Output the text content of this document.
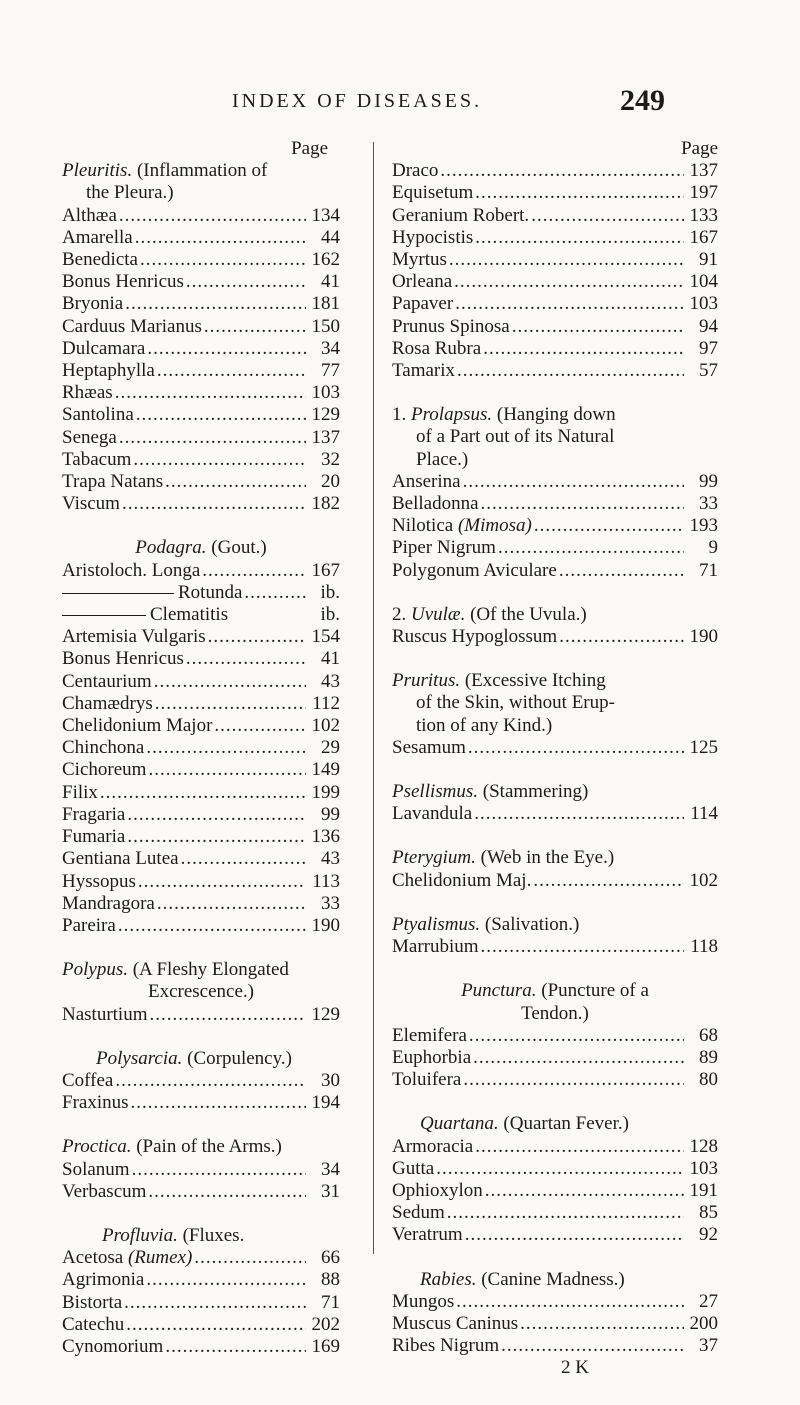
INDEX OF DISEASES.	249
Page
Pleuritis. (Inflammation of
the Pleura.)
Althæa .....	134
Amarella .....	44
Benedicta .....	162
Bonus Henricus .....	41
Bryonia .....	181
Carduus Marianus .....	150
Dulcamara .....	34
Heptaphylla .....	77
Rhæas .....	103
Santolina .....	129
Senega .....	137
Tabacum .....	32
Trapa Natans .....	20
Viscum .....	182
Podagra. (Gout.)
Aristoloch. Longa .....	167
Rotunda .....	ib.
Clematitis	ib.
Artemisia Vulgaris .....	154
Bonus Henricus .....	41
Centaurium .....	43
Chamædrys .....	112
Chelidonium Major .....	102
Chinchona .....	29
Cichoreum .....	149
Filix .....	199
Fragaria .....	99
Fumaria .....	136
Gentiana Lutea .....	43
Hyssopus .....	113
Mandragora .....	33
Pareira .....	190
Polypus. (A Fleshy Elongated
Excrescence.)
Nasturtium .....	129
Polysarcia. (Corpulency.)
Coffea .....	30
Fraxinus .....	194
Proctica. (Pain of the Arms.)
Solanum .....	34
Verbascum .....	31
Profluvia. (Fluxes.
Acetosa (Rumex) .....	66
Agrimonia .....	88
Bistorta .....	71
Catechu .....	202
Cynomorium .....	169
Page
Draco .....	137
Equisetum .....	197
Geranium Robert. .....	133
Hypocistis .....	167
Myrtus .....	91
Orleana .....	104
Papaver .....	103
Prunus Spinosa .....	94
Rosa Rubra .....	97
Tamarix .....	57
1. Prolapsus. (Hanging down
of a Part out of its Natural
Place.)
Anserina .....	99
Belladonna .....	33
Nilotica (Mimosa) .....	193
Piper Nigrum .....	9
Polygonum Aviculare .....	71
2. Uvulæ. (Of the Uvula.)
Ruscus Hypoglossum .....	190
Pruritus. (Excessive Itching
of the Skin, without Erup-
tion of any Kind.)
Sesamum .....	125
Psellismus. (Stammering)
Lavandula .....	114
Pterygium. (Web in the Eye.)
Chelidonium Maj. .....	102
Ptyalismus. (Salivation.)
Marrubium .....	118
Punctura. (Puncture of a
Tendon.)
Elemifera .....	68
Euphorbia .....	89
Toluifera .....	80
Quartana. (Quartan Fever.)
Armoracia .....	128
Gutta .....	103
Ophioxylon .....	191
Sedum .....	85
Veratrum .....	92
Rabies. (Canine Madness.)
Mungos .....	27
Muscus Caninus .....	200
Ribes Nigrum .....	37
2 K
